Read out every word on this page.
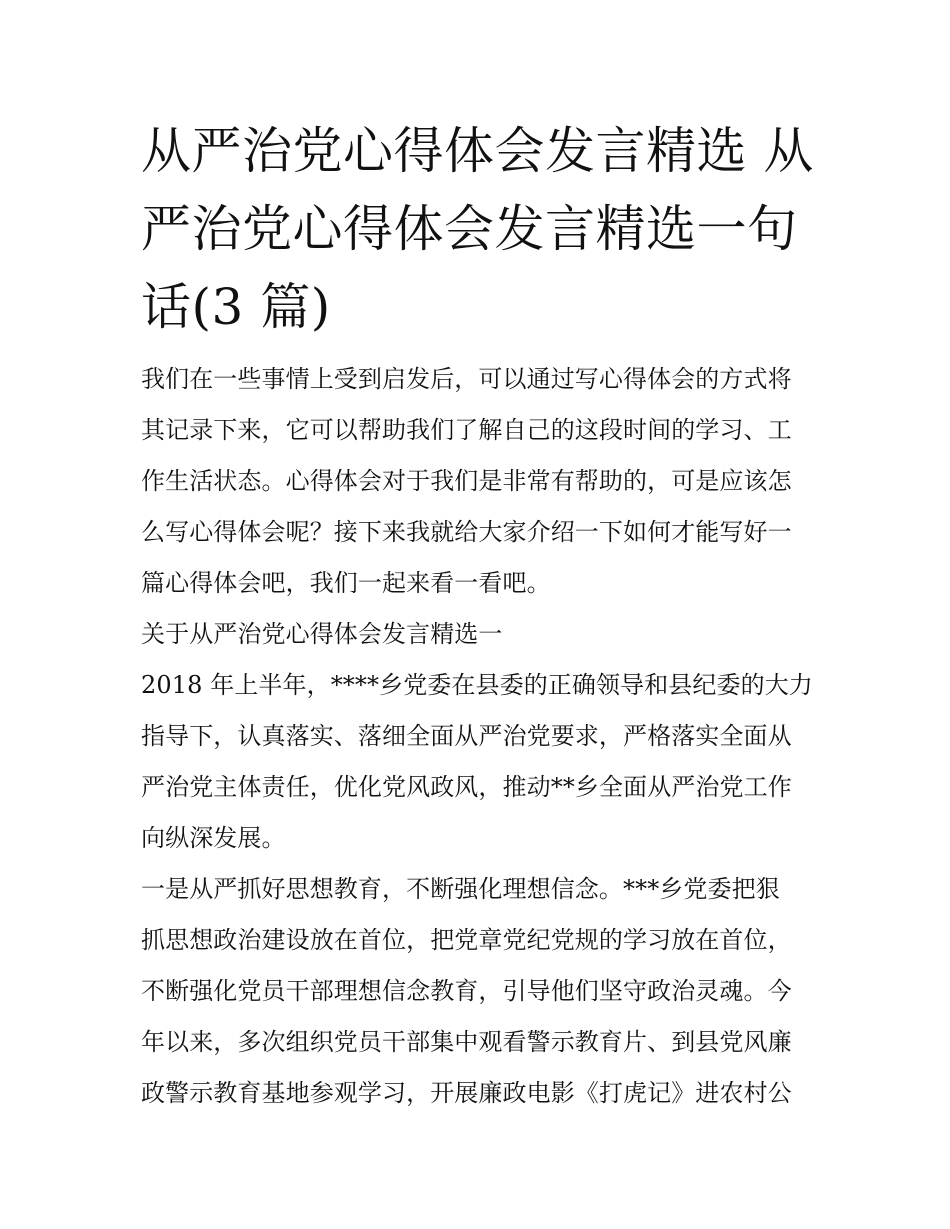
从严治党心得体会发言精选 从
严治党心得体会发言精选一句
话(3 篇)

我们在一些事情上受到启发后，可以通过写心得体会的方式将
其记录下来，它可以帮助我们了解自己的这段时间的学习、工
作生活状态。心得体会对于我们是非常有帮助的，可是应该怎
么写心得体会呢？接下来我就给大家介绍一下如何才能写好一
篇心得体会吧，我们一起来看一看吧。

关于从严治党心得体会发言精选一

2018 年上半年，****乡党委在县委的正确领导和县纪委的大力
指导下，认真落实、落细全面从严治党要求，严格落实全面从
严治党主体责任，优化党风政风，推动**乡全面从严治党工作
向纵深发展。

一是从严抓好思想教育，不断强化理想信念。***乡党委把狠
抓思想政治建设放在首位，把党章党纪党规的学习放在首位，
不断强化党员干部理想信念教育，引导他们坚守政治灵魂。今
年以来，多次组织党员干部集中观看警示教育片、到县党风廉
政警示教育基地参观学习，开展廉政电影《打虎记》进农村公
